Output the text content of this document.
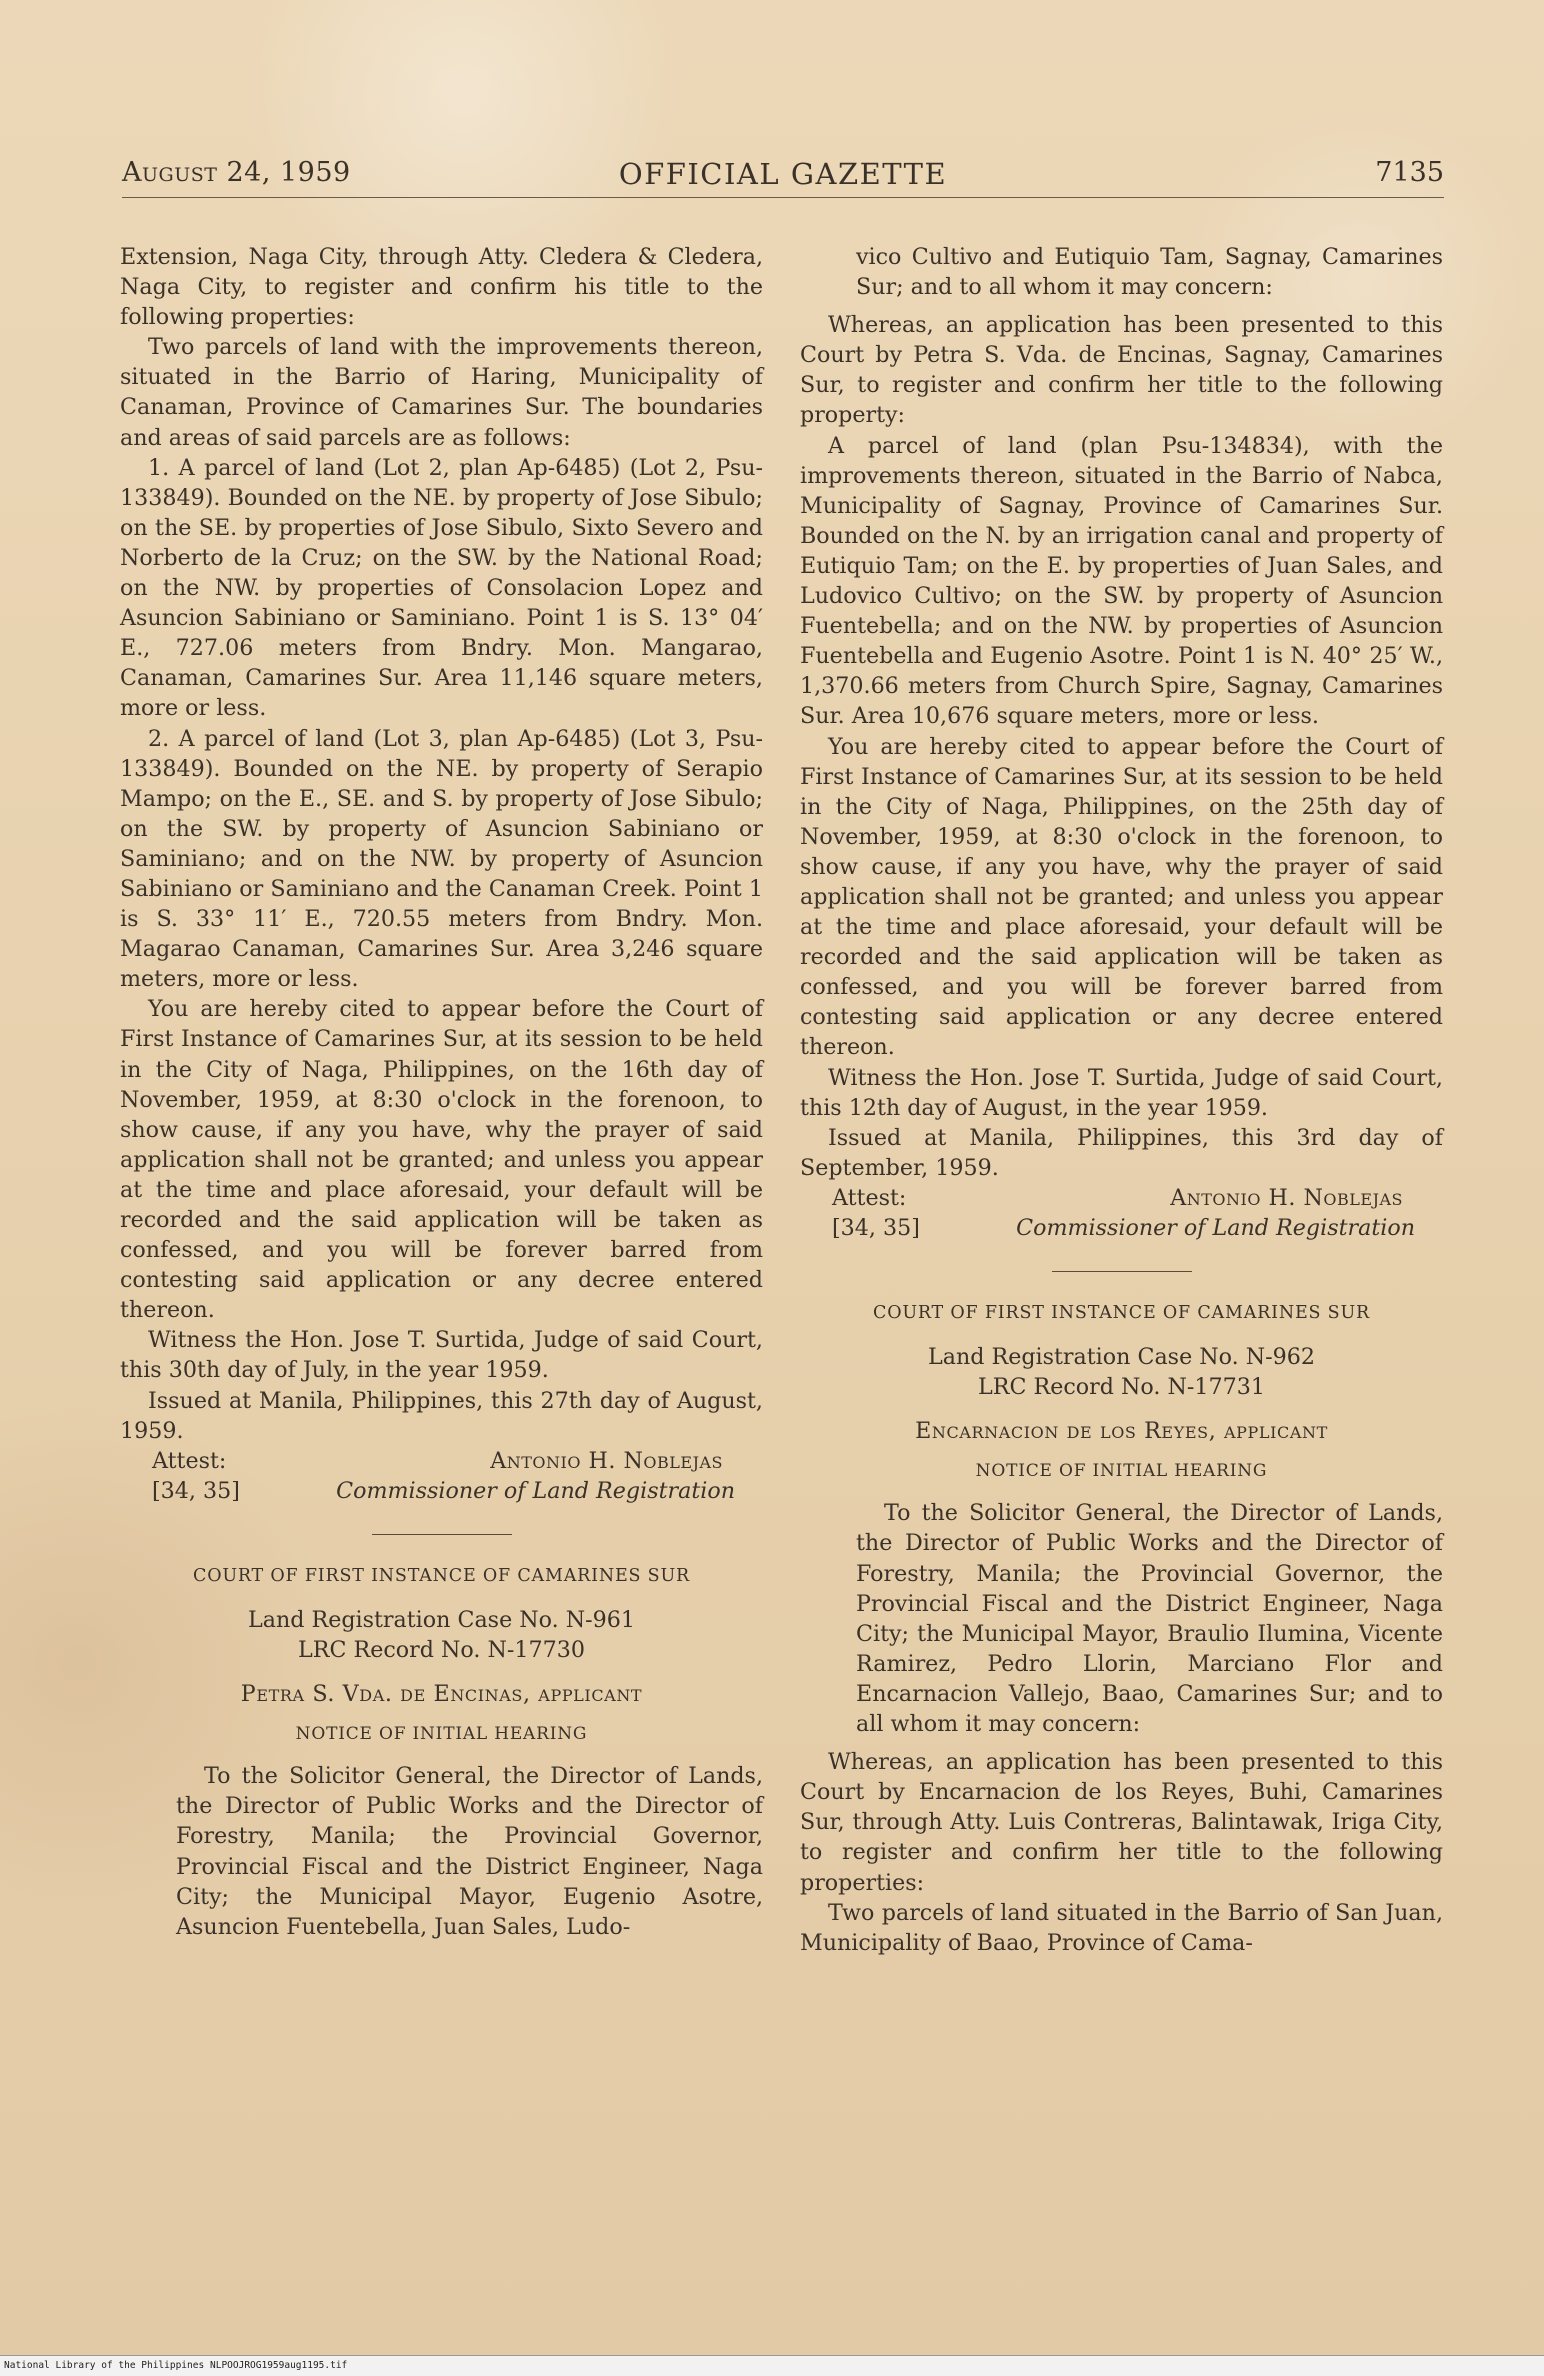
August 24, 1959	OFFICIAL GAZETTE	7135

Extension, Naga City, through Atty. Cledera & Cledera, Naga City, to register and confirm his title to the following properties:

Two parcels of land with the improvements thereon, situated in the Barrio of Haring, Municipality of Canaman, Province of Camarines Sur. The boundaries and areas of said parcels are as follows:

1. A parcel of land (Lot 2, plan Ap-6485) (Lot 2, Psu-133849). Bounded on the NE. by property of Jose Sibulo; on the SE. by properties of Jose Sibulo, Sixto Severo and Norberto de la Cruz; on the SW. by the National Road; on the NW. by properties of Consolacion Lopez and Asuncion Sabiniano or Saminiano. Point 1 is S. 13° 04′ E., 727.06 meters from Bndry. Mon. Mangarao, Canaman, Camarines Sur. Area 11,146 square meters, more or less.

2. A parcel of land (Lot 3, plan Ap-6485) (Lot 3, Psu-133849). Bounded on the NE. by property of Serapio Mampo; on the E., SE. and S. by property of Jose Sibulo; on the SW. by property of Asuncion Sabiniano or Saminiano; and on the NW. by property of Asuncion Sabiniano or Saminiano and the Canaman Creek. Point 1 is S. 33° 11′ E., 720.55 meters from Bndry. Mon. Magarao Canaman, Camarines Sur. Area 3,246 square meters, more or less.

You are hereby cited to appear before the Court of First Instance of Camarines Sur, at its session to be held in the City of Naga, Philippines, on the 16th day of November, 1959, at 8:30 o'clock in the forenoon, to show cause, if any you have, why the prayer of said application shall not be granted; and unless you appear at the time and place aforesaid, your default will be recorded and the said application will be taken as confessed, and you will be forever barred from contesting said application or any decree entered thereon.

Witness the Hon. Jose T. Surtida, Judge of said Court, this 30th day of July, in the year 1959.

Issued at Manila, Philippines, this 27th day of August, 1959.

Attest:	Antonio H. Noblejas
[34, 35]	Commissioner of Land Registration
COURT OF FIRST INSTANCE OF CAMARINES SUR

Land Registration Case No. N-961

LRC Record No. N-17730

Petra S. Vda. de Encinas, applicant
NOTICE OF INITIAL HEARING

To the Solicitor General, the Director of Lands, the Director of Public Works and the Director of Forestry, Manila; the Provincial Governor, Provincial Fiscal and the District Engineer, Naga City; the Municipal Mayor, Eugenio Asotre, Asuncion Fuentebella, Juan Sales, Ludo-

vico Cultivo and Eutiquio Tam, Sagnay, Camarines Sur; and to all whom it may concern:

Whereas, an application has been presented to this Court by Petra S. Vda. de Encinas, Sagnay, Camarines Sur, to register and confirm her title to the following property:

A parcel of land (plan Psu-134834), with the improvements thereon, situated in the Barrio of Nabca, Municipality of Sagnay, Province of Camarines Sur. Bounded on the N. by an irrigation canal and property of Eutiquio Tam; on the E. by properties of Juan Sales, and Ludovico Cultivo; on the SW. by property of Asuncion Fuentebella; and on the NW. by properties of Asuncion Fuentebella and Eugenio Asotre. Point 1 is N. 40° 25′ W., 1,370.66 meters from Church Spire, Sagnay, Camarines Sur. Area 10,676 square meters, more or less.

You are hereby cited to appear before the Court of First Instance of Camarines Sur, at its session to be held in the City of Naga, Philippines, on the 25th day of November, 1959, at 8:30 o'clock in the forenoon, to show cause, if any you have, why the prayer of said application shall not be granted; and unless you appear at the time and place aforesaid, your default will be recorded and the said application will be taken as confessed, and you will be forever barred from contesting said application or any decree entered thereon.

Witness the Hon. Jose T. Surtida, Judge of said Court, this 12th day of August, in the year 1959.

Issued at Manila, Philippines, this 3rd day of September, 1959.

Attest:	Antonio H. Noblejas
[34, 35]	Commissioner of Land Registration
COURT OF FIRST INSTANCE OF CAMARINES SUR

Land Registration Case No. N-962

LRC Record No. N-17731

Encarnacion de los Reyes, applicant
NOTICE OF INITIAL HEARING

To the Solicitor General, the Director of Lands, the Director of Public Works and the Director of Forestry, Manila; the Provincial Governor, the Provincial Fiscal and the District Engineer, Naga City; the Municipal Mayor, Braulio Ilumina, Vicente Ramirez, Pedro Llorin, Marciano Flor and Encarnacion Vallejo, Baao, Camarines Sur; and to all whom it may concern:

Whereas, an application has been presented to this Court by Encarnacion de los Reyes, Buhi, Camarines Sur, through Atty. Luis Contreras, Balintawak, Iriga City, to register and confirm her title to the following properties:

Two parcels of land situated in the Barrio of San Juan, Municipality of Baao, Province of Cama-

National Library of the Philippines NLPOOJROG1959aug1195.tif
